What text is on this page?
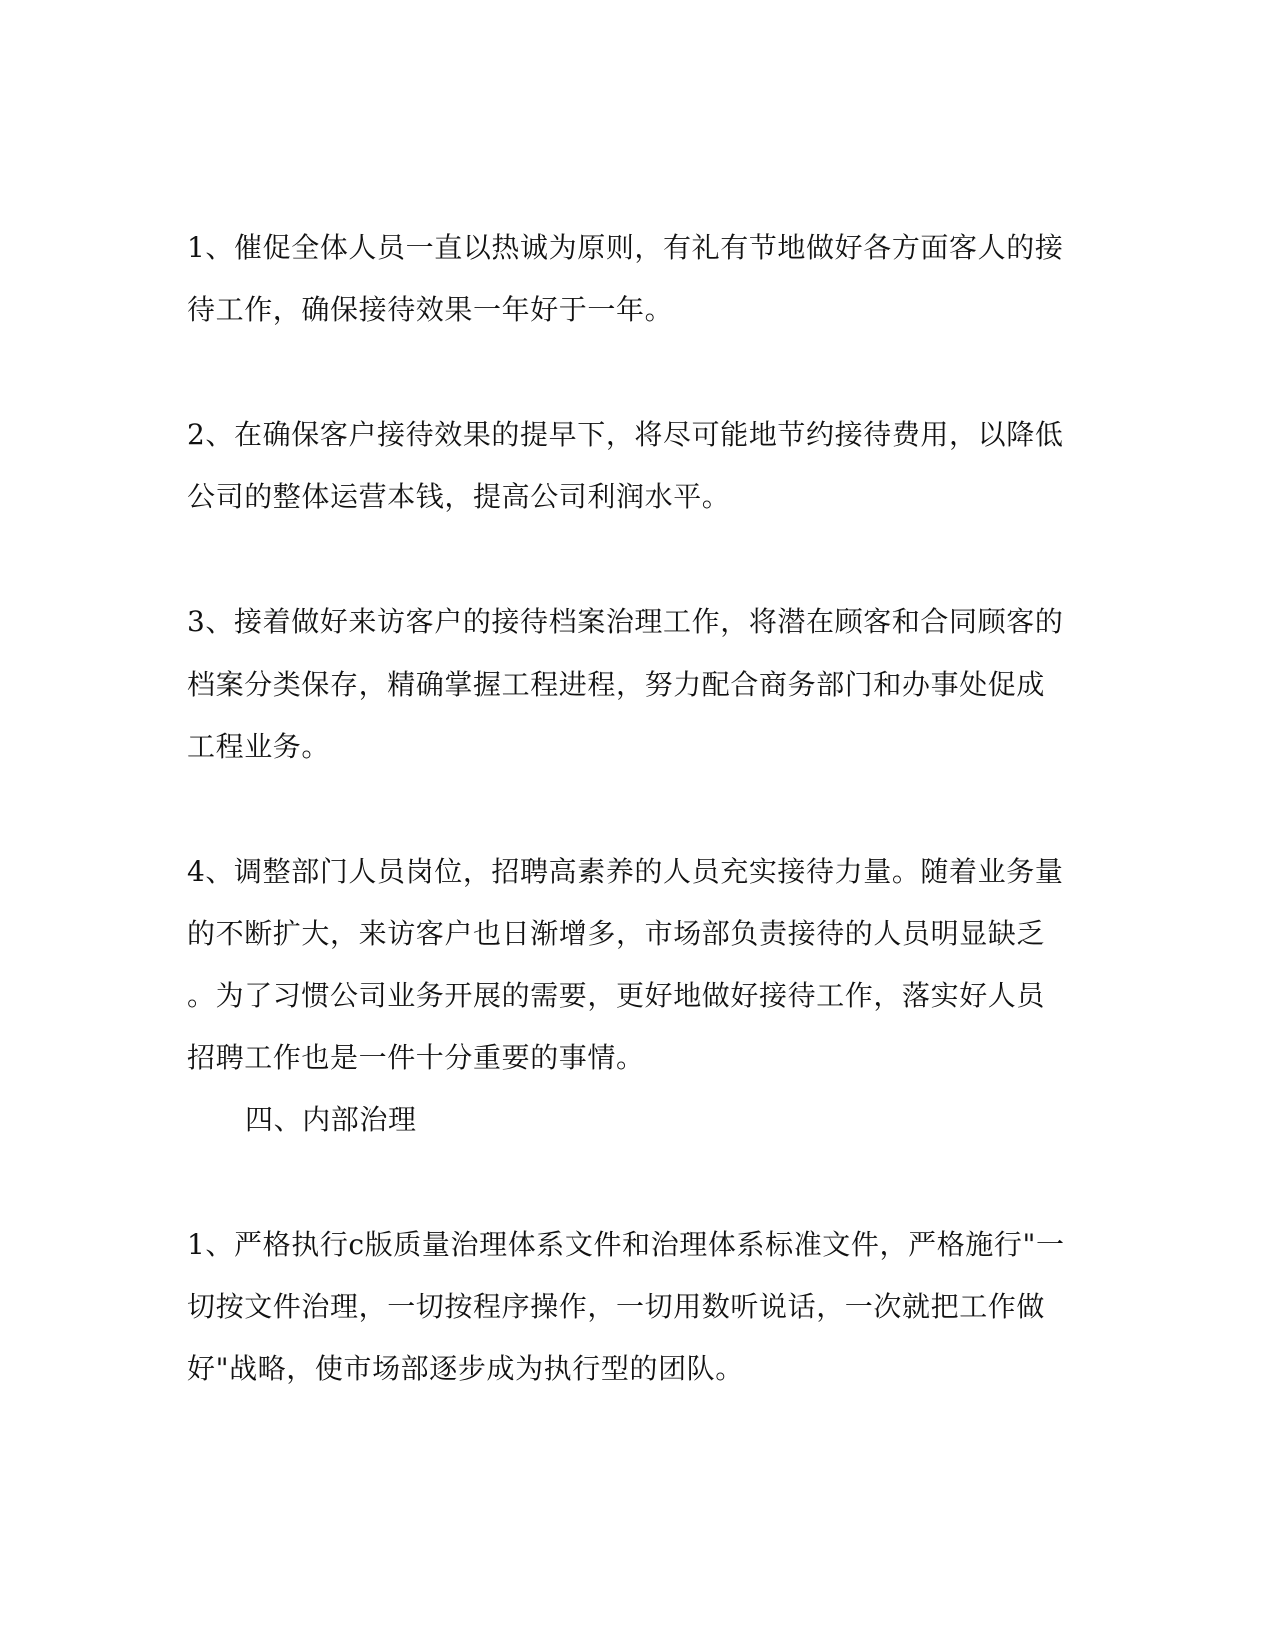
1、催促全体人员一直以热诚为原则，有礼有节地做好各方面客人的接
待工作，确保接待效果一年好于一年。
2、在确保客户接待效果的提早下，将尽可能地节约接待费用，以降低
公司的整体运营本钱，提高公司利润水平。
3、接着做好来访客户的接待档案治理工作，将潜在顾客和合同顾客的
档案分类保存，精确掌握工程进程，努力配合商务部门和办事处促成
工程业务。
4、调整部门人员岗位，招聘高素养的人员充实接待力量。随着业务量
的不断扩大，来访客户也日渐增多，市场部负责接待的人员明显缺乏
。为了习惯公司业务开展的需要，更好地做好接待工作，落实好人员
招聘工作也是一件十分重要的事情。
四、内部治理
1、严格执行c版质量治理体系文件和治理体系标准文件，严格施行"一
切按文件治理，一切按程序操作，一切用数听说话，一次就把工作做
好"战略，使市场部逐步成为执行型的团队。
